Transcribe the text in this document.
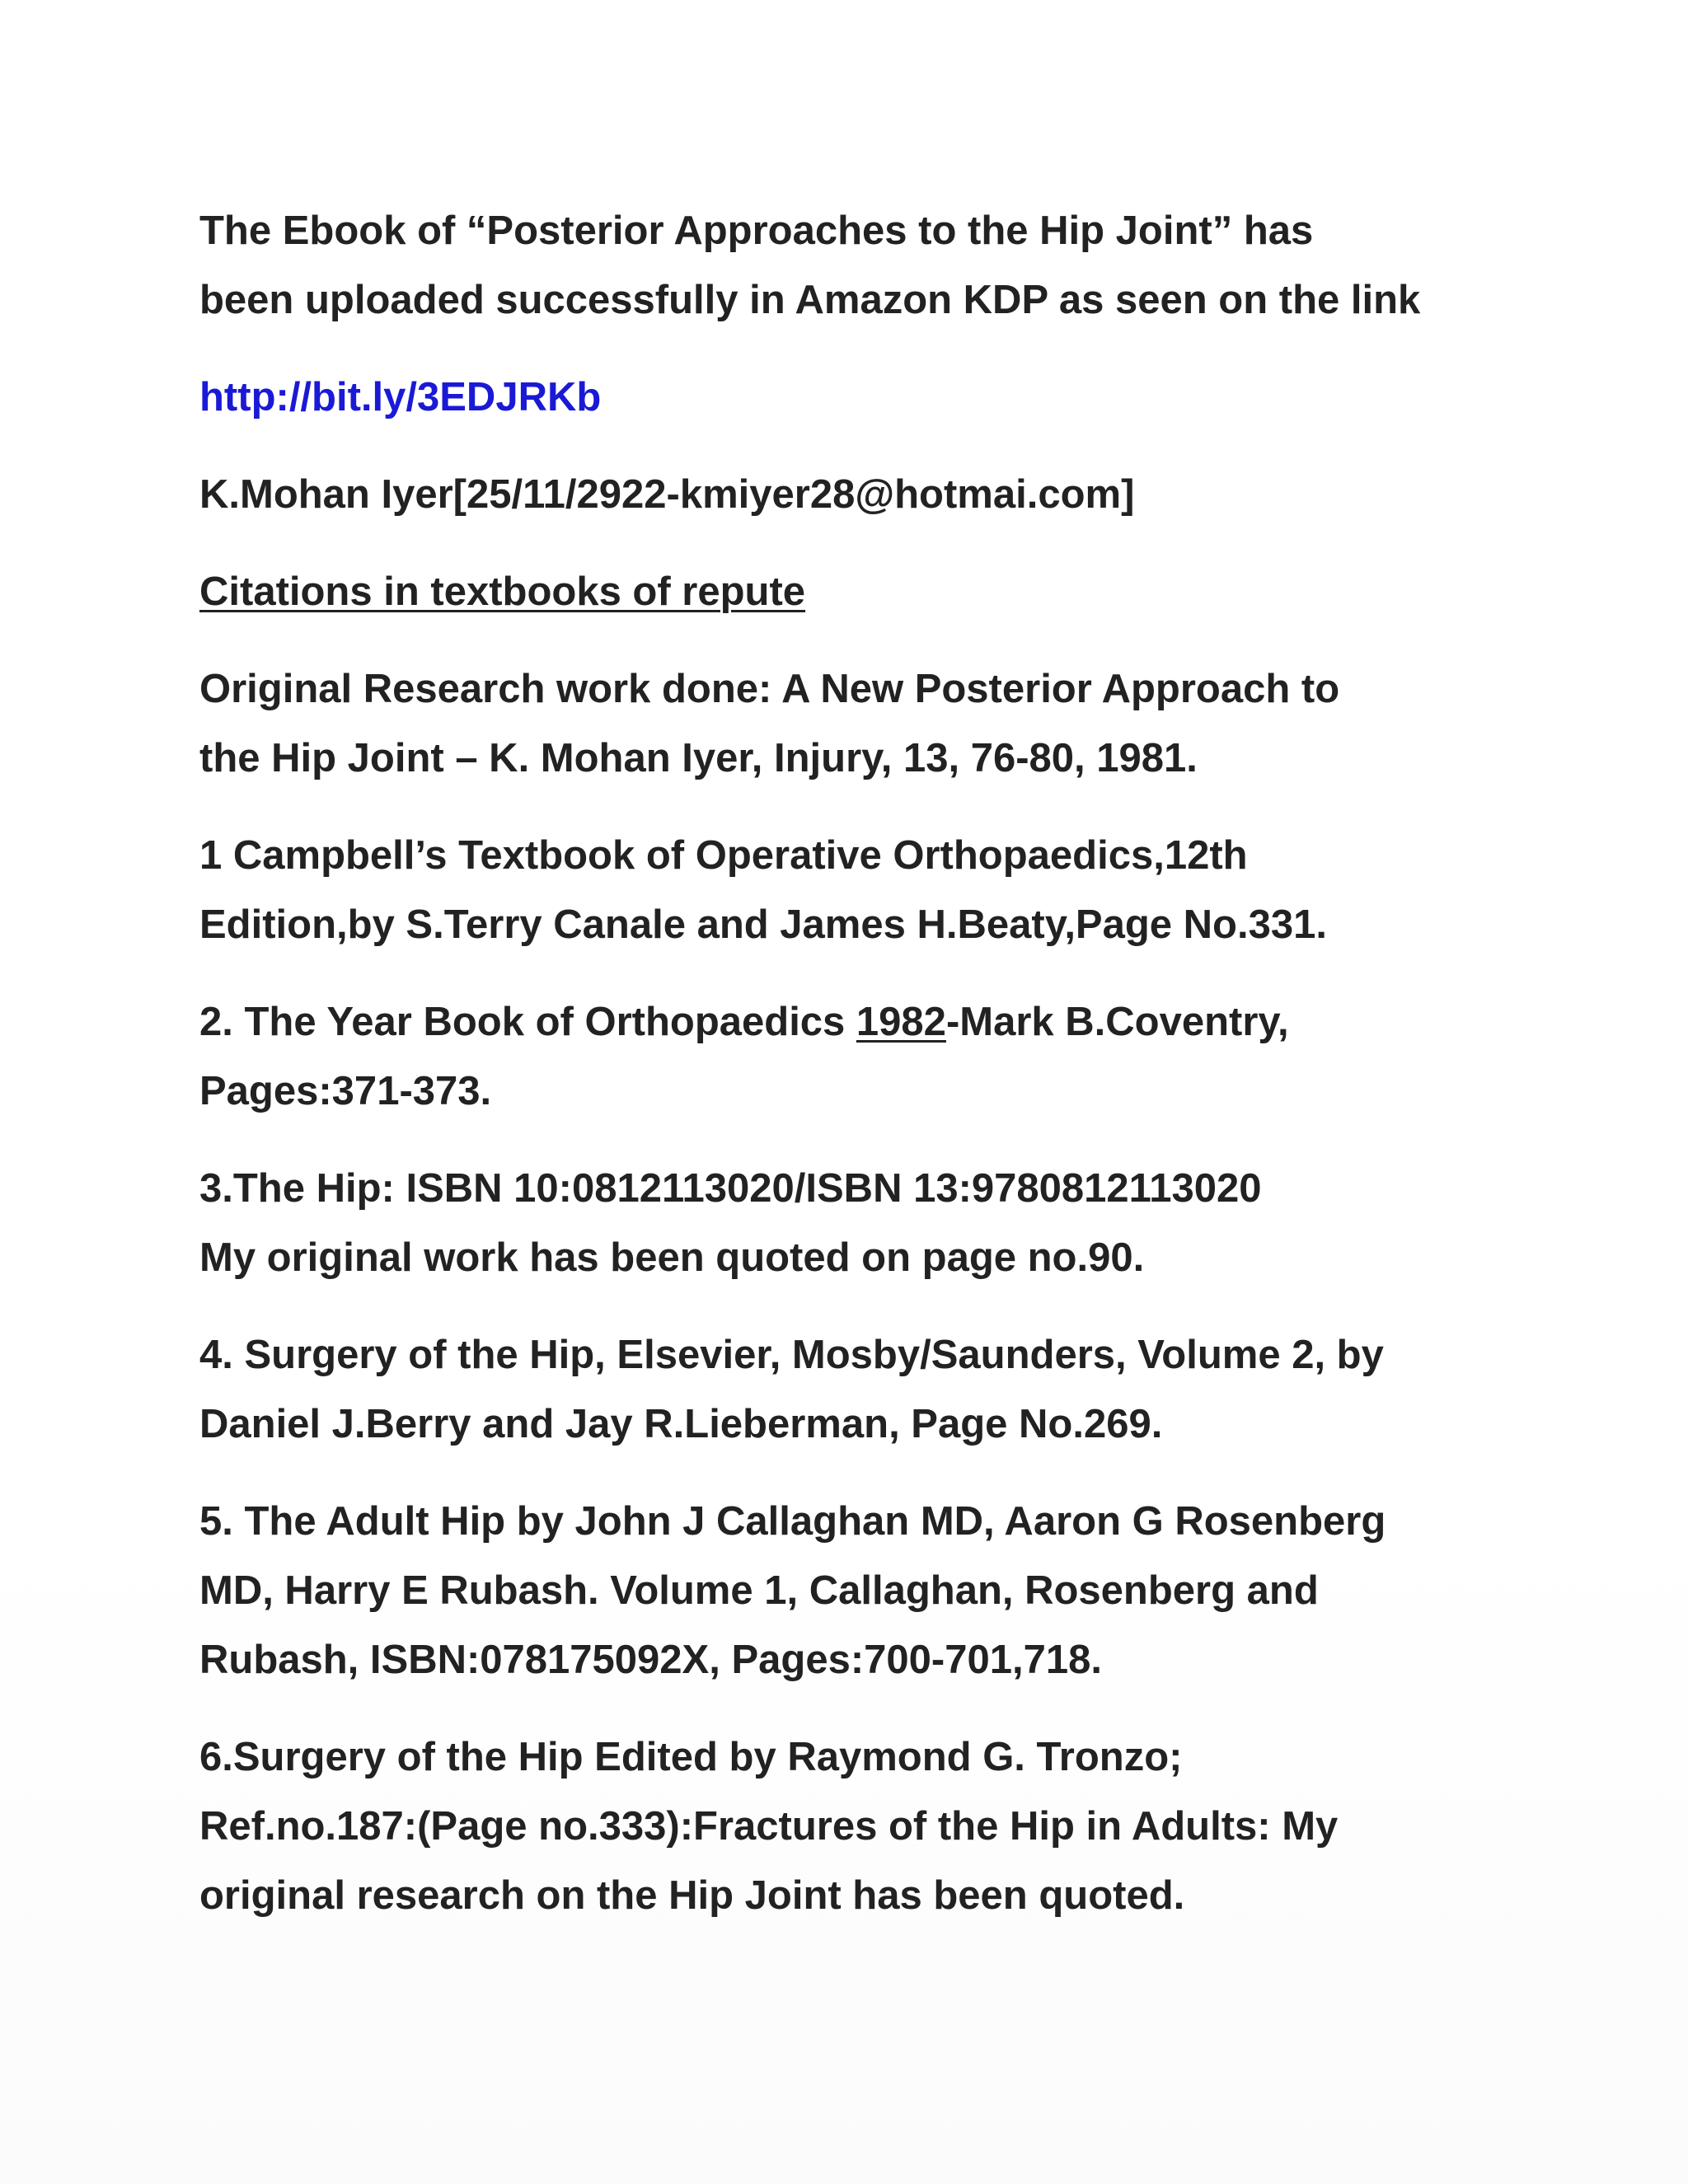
The Ebook of “Posterior Approaches to the Hip Joint” has
been uploaded successfully in Amazon KDP as seen on the link

http://bit.ly/3EDJRKb

K.Mohan Iyer[25/11/2922-kmiyer28@hotmai.com]

Citations in textbooks of repute

Original Research work done: A New Posterior Approach to
the Hip Joint – K. Mohan Iyer, Injury, 13, 76-80, 1981.

1 Campbell’s Textbook of Operative Orthopaedics,12th
Edition,by S.Terry Canale and James H.Beaty,Page No.331.

2. The Year Book of Orthopaedics 1982-Mark B.Coventry,
Pages:371-373.

3.The Hip: ISBN 10:0812113020/ISBN 13:9780812113020
My original work has been quoted on page no.90.

4. Surgery of the Hip, Elsevier, Mosby/Saunders, Volume 2, by
Daniel J.Berry and Jay R.Lieberman, Page No.269.

5. The Adult Hip by John J Callaghan MD, Aaron G Rosenberg
MD, Harry E Rubash. Volume 1, Callaghan, Rosenberg and
Rubash, ISBN:078175092X, Pages:700-701,718.

6.Surgery of the Hip Edited by Raymond G. Tronzo;
Ref.no.187:(Page no.333):Fractures of the Hip in Adults: My
original research on the Hip Joint has been quoted.
